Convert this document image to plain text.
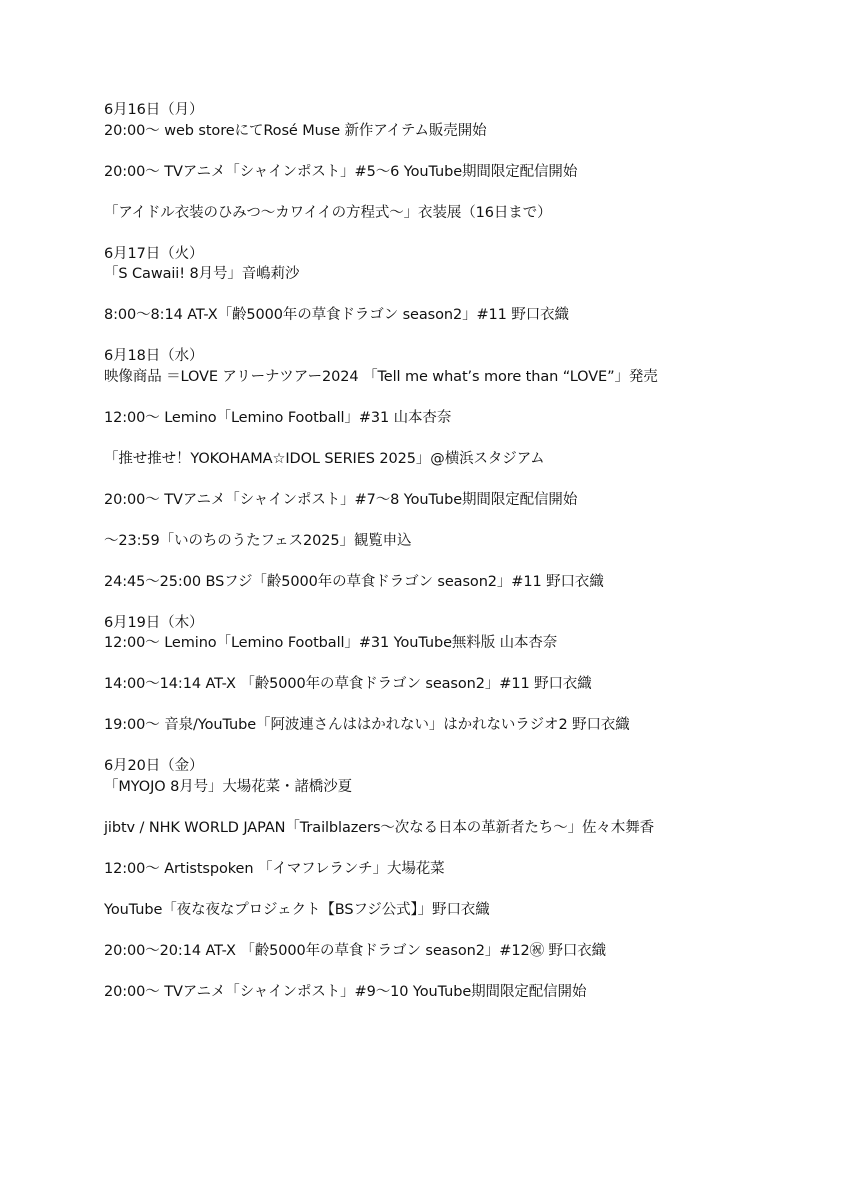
6月16日（月）
20:00～ web storeにてRosé Muse 新作アイテム販売開始
20:00～ TVアニメ「シャインポスト」#5～6 YouTube期間限定配信開始
「アイドル衣装のひみつ～カワイイの方程式～」衣装展（16日まで）
6月17日（火）
「S Cawaii! 8月号」音嶋莉沙
8:00～8:14 AT-X「齢5000年の草食ドラゴン season2」#11 野口衣織
6月18日（水）
映像商品 ＝LOVE アリーナツアー2024 「Tell me what’s more than “LOVE”」発売
12:00～ Lemino「Lemino Football」#31 山本杏奈
「推せ推せ！YOKOHAMA☆IDOL SERIES 2025」@横浜スタジアム
20:00～ TVアニメ「シャインポスト」#7～8 YouTube期間限定配信開始
～23:59「いのちのうたフェス2025」観覧申込
24:45～25:00 BSフジ「齢5000年の草食ドラゴン season2」#11 野口衣織
6月19日（木）
12:00～ Lemino「Lemino Football」#31 YouTube無料版 山本杏奈
14:00～14:14 AT-X 「齢5000年の草食ドラゴン season2」#11 野口衣織
19:00～ 音泉/YouTube「阿波連さんははかれない」はかれないラジオ2 野口衣織
6月20日（金）
「MYOJO 8月号」大場花菜・諸橋沙夏
jibtv / NHK WORLD JAPAN「Trailblazers～次なる日本の革新者たち～」佐々木舞香
12:00～ Artistspoken 「イマフレランチ」大場花菜
YouTube「夜な夜なプロジェクト【BSフジ公式】」野口衣織
20:00～20:14 AT-X 「齢5000年の草食ドラゴン season2」#12㊗ 野口衣織
20:00～ TVアニメ「シャインポスト」#9～10 YouTube期間限定配信開始
